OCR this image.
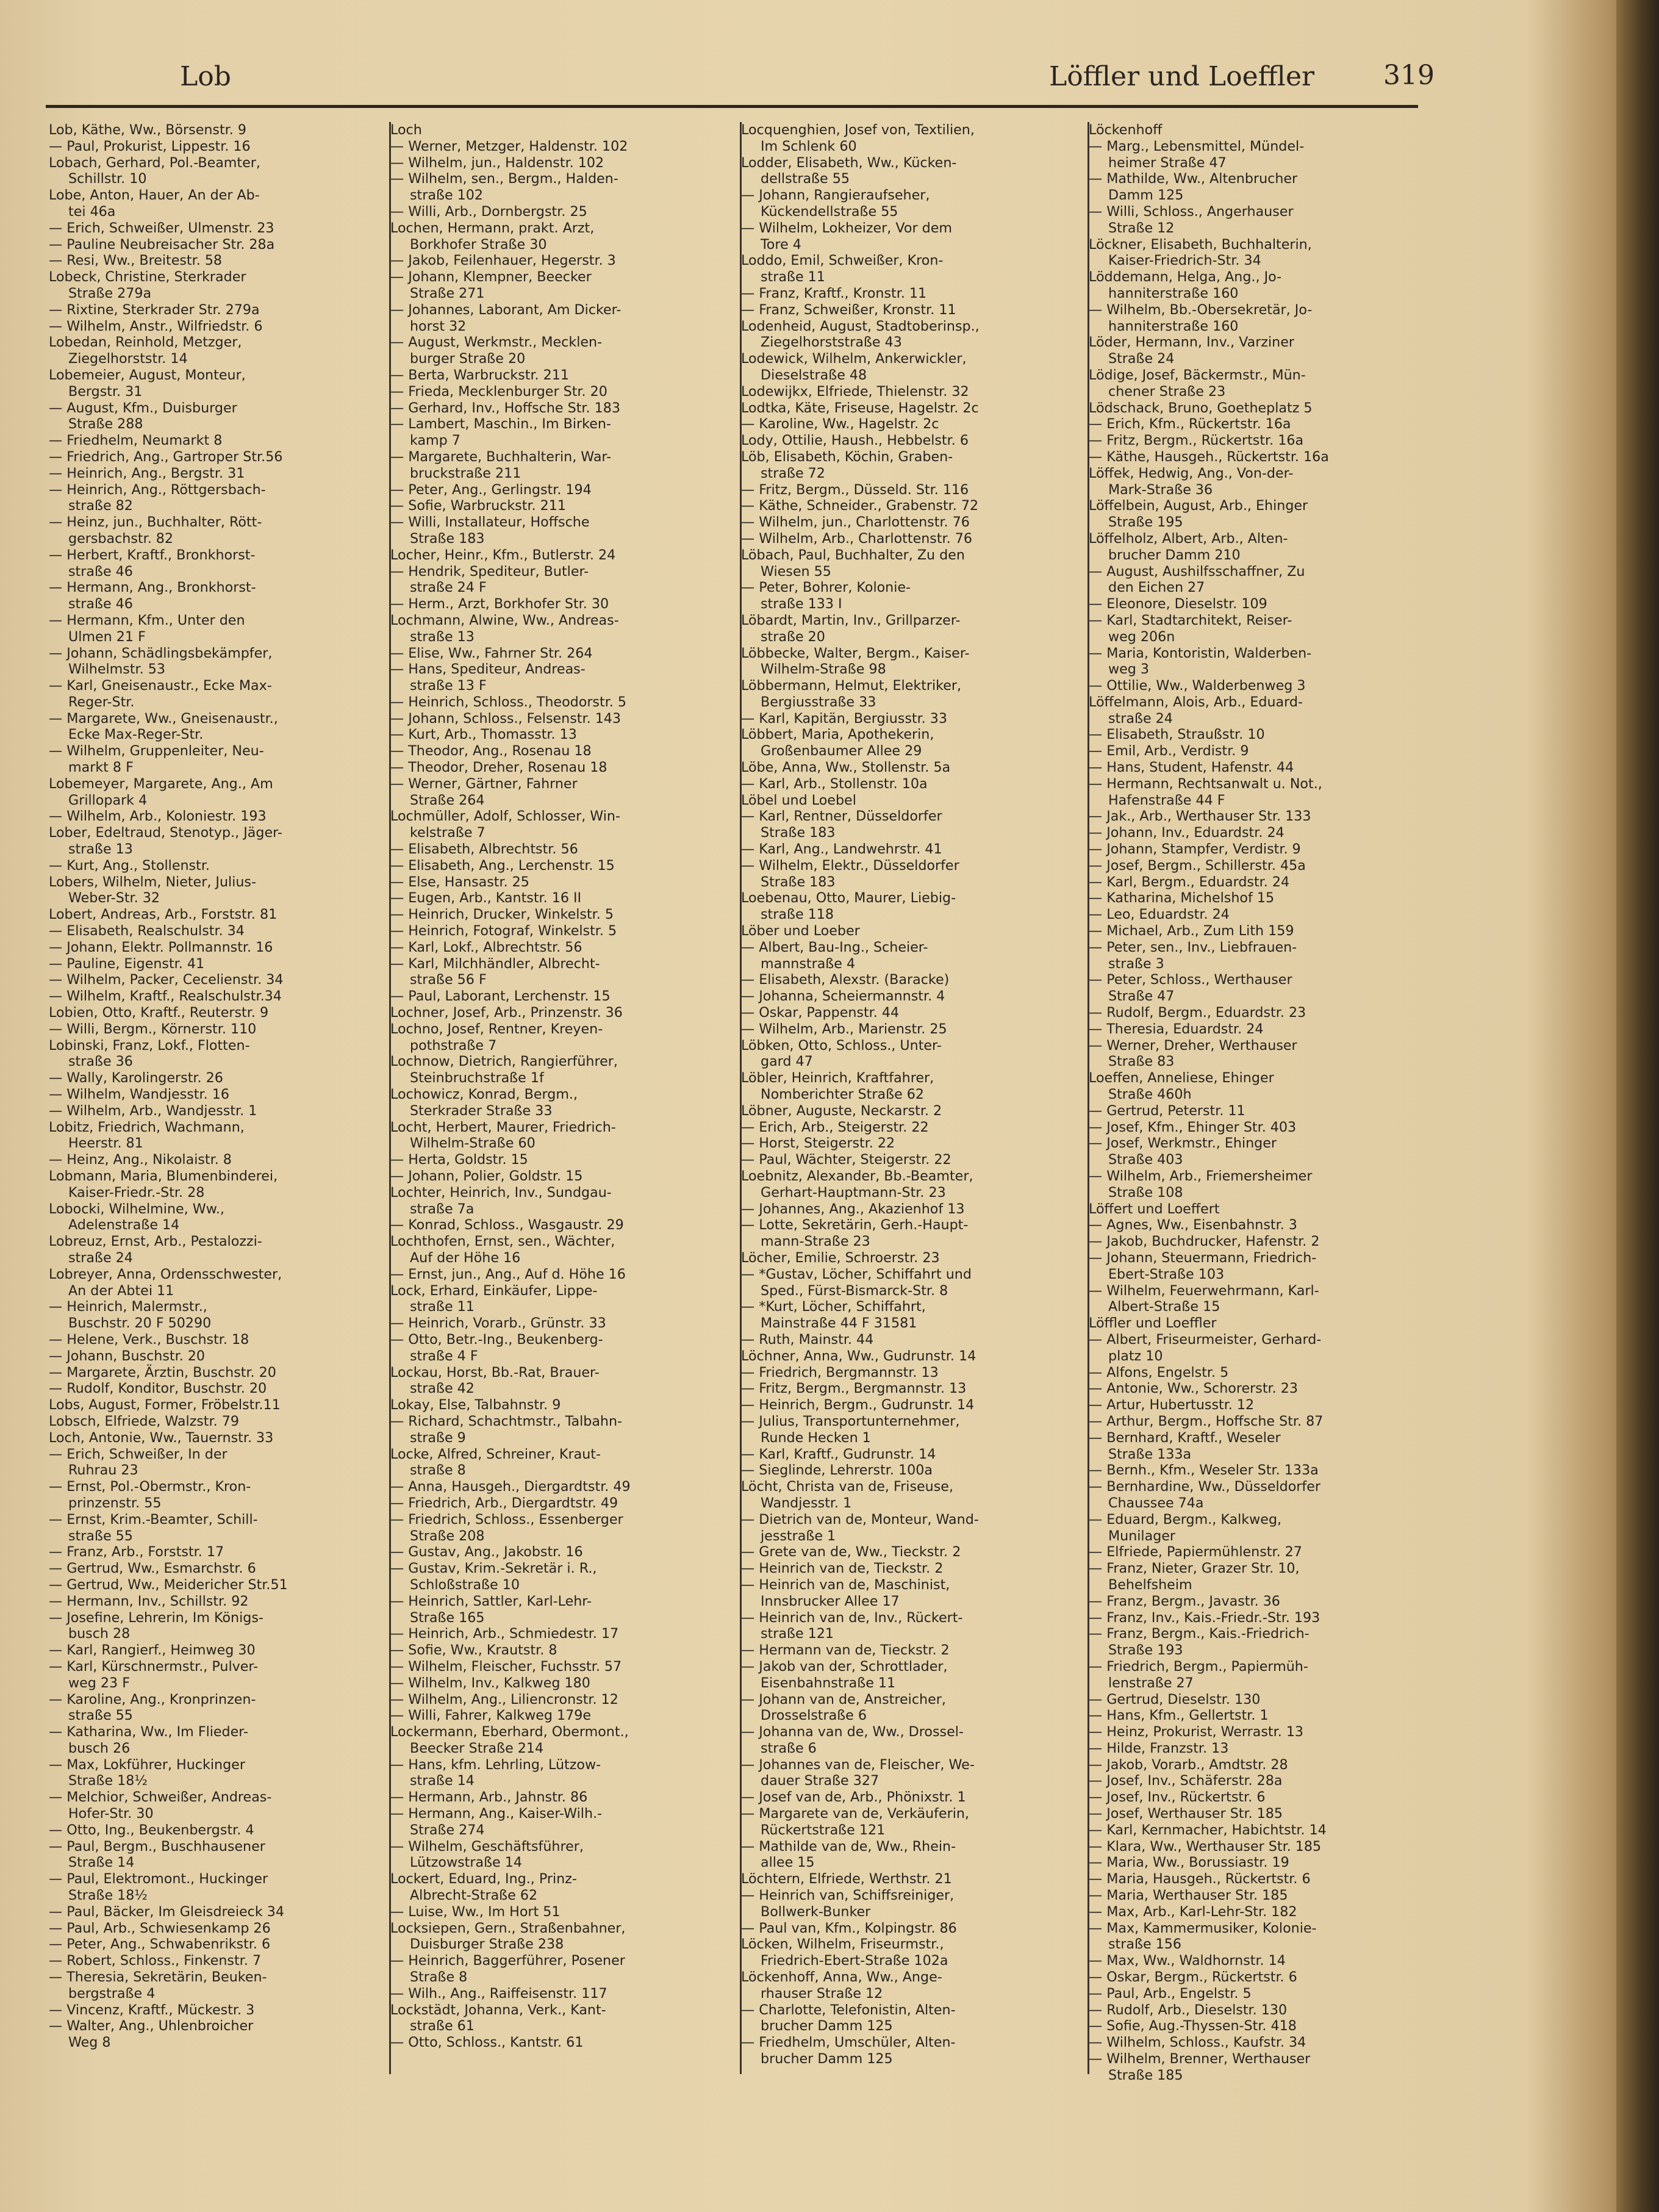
Lob	Löffler und Loeffler	319
Lob, Käthe, Ww., Börsenstr. 9
— Paul, Prokurist, Lippestr. 16
Lobach, Gerhard, Pol.-Beamter,
Schillstr. 10
Lobe, Anton, Hauer, An der Ab-
tei 46a
— Erich, Schweißer, Ulmenstr. 23
— Pauline Neubreisacher Str. 28a
— Resi, Ww., Breitestr. 58
Lobeck, Christine, Sterkrader
Straße 279a
— Rixtine, Sterkrader Str. 279a
— Wilhelm, Anstr., Wilfriedstr. 6
Lobedan, Reinhold, Metzger,
Ziegelhorststr. 14
Lobemeier, August, Monteur,
Bergstr. 31
— August, Kfm., Duisburger
Straße 288
— Friedhelm, Neumarkt 8
— Friedrich, Ang., Gartroper Str.56
— Heinrich, Ang., Bergstr. 31
— Heinrich, Ang., Röttgersbach-
straße 82
— Heinz, jun., Buchhalter, Rött-
gersbachstr. 82
— Herbert, Kraftf., Bronkhorst-
straße 46
— Hermann, Ang., Bronkhorst-
straße 46
— Hermann, Kfm., Unter den
Ulmen 21 F
— Johann, Schädlingsbekämpfer,
Wilhelmstr. 53
— Karl, Gneisenaustr., Ecke Max-
Reger-Str.
— Margarete, Ww., Gneisenaustr.,
Ecke Max-Reger-Str.
— Wilhelm, Gruppenleiter, Neu-
markt 8 F
Lobemeyer, Margarete, Ang., Am
Grillopark 4
— Wilhelm, Arb., Koloniestr. 193
Lober, Edeltraud, Stenotyp., Jäger-
straße 13
— Kurt, Ang., Stollenstr.
Lobers, Wilhelm, Nieter, Julius-
Weber-Str. 32
Lobert, Andreas, Arb., Forststr. 81
— Elisabeth, Realschulstr. 34
— Johann, Elektr. Pollmannstr. 16
— Pauline, Eigenstr. 41
— Wilhelm, Packer, Cecelienstr. 34
— Wilhelm, Kraftf., Realschulstr.34
Lobien, Otto, Kraftf., Reuterstr. 9
— Willi, Bergm., Körnerstr. 110
Lobinski, Franz, Lokf., Flotten-
straße 36
— Wally, Karolingerstr. 26
— Wilhelm, Wandjesstr. 16
— Wilhelm, Arb., Wandjesstr. 1
Lobitz, Friedrich, Wachmann,
Heerstr. 81
— Heinz, Ang., Nikolaistr. 8
Lobmann, Maria, Blumenbinderei,
Kaiser-Friedr.-Str. 28
Lobocki, Wilhelmine, Ww.,
Adelenstraße 14
Lobreuz, Ernst, Arb., Pestalozzi-
straße 24
Lobreyer, Anna, Ordensschwester,
An der Abtei 11
— Heinrich, Malermstr.,
Buschstr. 20 F 50290
— Helene, Verk., Buschstr. 18
— Johann, Buschstr. 20
— Margarete, Ärztin, Buschstr. 20
— Rudolf, Konditor, Buschstr. 20
Lobs, August, Former, Fröbelstr.11
Lobsch, Elfriede, Walzstr. 79
Loch, Antonie, Ww., Tauernstr. 33
— Erich, Schweißer, In der
Ruhrau 23
— Ernst, Pol.-Obermstr., Kron-
prinzenstr. 55
— Ernst, Krim.-Beamter, Schill-
straße 55
— Franz, Arb., Forststr. 17
— Gertrud, Ww., Esmarchstr. 6
— Gertrud, Ww., Meidericher Str.51
— Hermann, Inv., Schillstr. 92
— Josefine, Lehrerin, Im Königs-
busch 28
— Karl, Rangierf., Heimweg 30
— Karl, Kürschnermstr., Pulver-
weg 23 F
— Karoline, Ang., Kronprinzen-
straße 55
— Katharina, Ww., Im Flieder-
busch 26
— Max, Lokführer, Huckinger
Straße 18½
— Melchior, Schweißer, Andreas-
Hofer-Str. 30
— Otto, Ing., Beukenbergstr. 4
— Paul, Bergm., Buschhausener
Straße 14
— Paul, Elektromont., Huckinger
Straße 18½
— Paul, Bäcker, Im Gleisdreieck 34
— Paul, Arb., Schwiesenkamp 26
— Peter, Ang., Schwabenrikstr. 6
— Robert, Schloss., Finkenstr. 7
— Theresia, Sekretärin, Beuken-
bergstraße 4
— Vincenz, Kraftf., Mückestr. 3
— Walter, Ang., Uhlenbroicher
Weg 8
Loch
— Werner, Metzger, Haldenstr. 102
— Wilhelm, jun., Haldenstr. 102
— Wilhelm, sen., Bergm., Halden-
straße 102
— Willi, Arb., Dornbergstr. 25
Lochen, Hermann, prakt. Arzt,
Borkhofer Straße 30
— Jakob, Feilenhauer, Hegerstr. 3
— Johann, Klempner, Beecker
Straße 271
— Johannes, Laborant, Am Dicker-
horst 32
— August, Werkmstr., Mecklen-
burger Straße 20
— Berta, Warbruckstr. 211
— Frieda, Mecklenburger Str. 20
— Gerhard, Inv., Hoffsche Str. 183
— Lambert, Maschin., Im Birken-
kamp 7
— Margarete, Buchhalterin, War-
bruckstraße 211
— Peter, Ang., Gerlingstr. 194
— Sofie, Warbruckstr. 211
— Willi, Installateur, Hoffsche
Straße 183
Locher, Heinr., Kfm., Butlerstr. 24
— Hendrik, Spediteur, Butler-
straße 24 F
— Herm., Arzt, Borkhofer Str. 30
Lochmann, Alwine, Ww., Andreas-
straße 13
— Elise, Ww., Fahrner Str. 264
— Hans, Spediteur, Andreas-
straße 13 F
— Heinrich, Schloss., Theodorstr. 5
— Johann, Schloss., Felsenstr. 143
— Kurt, Arb., Thomasstr. 13
— Theodor, Ang., Rosenau 18
— Theodor, Dreher, Rosenau 18
— Werner, Gärtner, Fahrner
Straße 264
Lochmüller, Adolf, Schlosser, Win-
kelstraße 7
— Elisabeth, Albrechtstr. 56
— Elisabeth, Ang., Lerchenstr. 15
— Else, Hansastr. 25
— Eugen, Arb., Kantstr. 16 II
— Heinrich, Drucker, Winkelstr. 5
— Heinrich, Fotograf, Winkelstr. 5
— Karl, Lokf., Albrechtstr. 56
— Karl, Milchhändler, Albrecht-
straße 56 F
— Paul, Laborant, Lerchenstr. 15
Lochner, Josef, Arb., Prinzenstr. 36
Lochno, Josef, Rentner, Kreyen-
pothstraße 7
Lochnow, Dietrich, Rangierführer,
Steinbruchstraße 1f
Lochowicz, Konrad, Bergm.,
Sterkrader Straße 33
Locht, Herbert, Maurer, Friedrich-
Wilhelm-Straße 60
— Herta, Goldstr. 15
— Johann, Polier, Goldstr. 15
Lochter, Heinrich, Inv., Sundgau-
straße 7a
— Konrad, Schloss., Wasgaustr. 29
Lochthofen, Ernst, sen., Wächter,
Auf der Höhe 16
— Ernst, jun., Ang., Auf d. Höhe 16
Lock, Erhard, Einkäufer, Lippe-
straße 11
— Heinrich, Vorarb., Grünstr. 33
— Otto, Betr.-Ing., Beukenberg-
straße 4 F
Lockau, Horst, Bb.-Rat, Brauer-
straße 42
Lokay, Else, Talbahnstr. 9
— Richard, Schachtmstr., Talbahn-
straße 9
Locke, Alfred, Schreiner, Kraut-
straße 8
— Anna, Hausgeh., Diergardtstr. 49
— Friedrich, Arb., Diergardtstr. 49
— Friedrich, Schloss., Essenberger
Straße 208
— Gustav, Ang., Jakobstr. 16
— Gustav, Krim.-Sekretär i. R.,
Schloßstraße 10
— Heinrich, Sattler, Karl-Lehr-
Straße 165
— Heinrich, Arb., Schmiedestr. 17
— Sofie, Ww., Krautstr. 8
— Wilhelm, Fleischer, Fuchsstr. 57
— Wilhelm, Inv., Kalkweg 180
— Wilhelm, Ang., Liliencronstr. 12
— Willi, Fahrer, Kalkweg 179e
Lockermann, Eberhard, Obermont.,
Beecker Straße 214
— Hans, kfm. Lehrling, Lützow-
straße 14
— Hermann, Arb., Jahnstr. 86
— Hermann, Ang., Kaiser-Wilh.-
Straße 274
— Wilhelm, Geschäftsführer,
Lützowstraße 14
Lockert, Eduard, Ing., Prinz-
Albrecht-Straße 62
— Luise, Ww., Im Hort 51
Locksiepen, Gern., Straßenbahner,
Duisburger Straße 238
— Heinrich, Baggerführer, Posener
Straße 8
— Wilh., Ang., Raiffeisenstr. 117
Lockstädt, Johanna, Verk., Kant-
straße 61
— Otto, Schloss., Kantstr. 61
Locquenghien, Josef von, Textilien,
Im Schlenk 60
Lodder, Elisabeth, Ww., Kücken-
dellstraße 55
— Johann, Rangieraufseher,
Kückendellstraße 55
— Wilhelm, Lokheizer, Vor dem
Tore 4
Loddo, Emil, Schweißer, Kron-
straße 11
— Franz, Kraftf., Kronstr. 11
— Franz, Schweißer, Kronstr. 11
Lodenheid, August, Stadtoberinsp.,
Ziegelhorststraße 43
Lodewick, Wilhelm, Ankerwickler,
Dieselstraße 48
Lodewijkx, Elfriede, Thielenstr. 32
Lodtka, Käte, Friseuse, Hagelstr. 2c
— Karoline, Ww., Hagelstr. 2c
Lody, Ottilie, Haush., Hebbelstr. 6
Löb, Elisabeth, Köchin, Graben-
straße 72
— Fritz, Bergm., Düsseld. Str. 116
— Käthe, Schneider., Grabenstr. 72
— Wilhelm, jun., Charlottenstr. 76
— Wilhelm, Arb., Charlottenstr. 76
Löbach, Paul, Buchhalter, Zu den
Wiesen 55
— Peter, Bohrer, Kolonie-
straße 133 I
Löbardt, Martin, Inv., Grillparzer-
straße 20
Löbbecke, Walter, Bergm., Kaiser-
Wilhelm-Straße 98
Löbbermann, Helmut, Elektriker,
Bergiusstraße 33
— Karl, Kapitän, Bergiusstr. 33
Löbbert, Maria, Apothekerin,
Großenbaumer Allee 29
Löbe, Anna, Ww., Stollenstr. 5a
— Karl, Arb., Stollenstr. 10a
Löbel und Loebel
— Karl, Rentner, Düsseldorfer
Straße 183
— Karl, Ang., Landwehrstr. 41
— Wilhelm, Elektr., Düsseldorfer
Straße 183
Loebenau, Otto, Maurer, Liebig-
straße 118
Löber und Loeber
— Albert, Bau-Ing., Scheier-
mannstraße 4
— Elisabeth, Alexstr. (Baracke)
— Johanna, Scheiermannstr. 4
— Oskar, Pappenstr. 44
— Wilhelm, Arb., Marienstr. 25
Löbken, Otto, Schloss., Unter-
gard 47
Löbler, Heinrich, Kraftfahrer,
Nomberichter Straße 62
Löbner, Auguste, Neckarstr. 2
— Erich, Arb., Steigerstr. 22
— Horst, Steigerstr. 22
— Paul, Wächter, Steigerstr. 22
Loebnitz, Alexander, Bb.-Beamter,
Gerhart-Hauptmann-Str. 23
— Johannes, Ang., Akazienhof 13
— Lotte, Sekretärin, Gerh.-Haupt-
mann-Straße 23
Löcher, Emilie, Schroerstr. 23
— *Gustav, Löcher, Schiffahrt und
Sped., Fürst-Bismarck-Str. 8
— *Kurt, Löcher, Schiffahrt,
Mainstraße 44 F 31581
— Ruth, Mainstr. 44
Löchner, Anna, Ww., Gudrunstr. 14
— Friedrich, Bergmannstr. 13
— Fritz, Bergm., Bergmannstr. 13
— Heinrich, Bergm., Gudrunstr. 14
— Julius, Transportunternehmer,
Runde Hecken 1
— Karl, Kraftf., Gudrunstr. 14
— Sieglinde, Lehrerstr. 100a
Löcht, Christa van de, Friseuse,
Wandjesstr. 1
— Dietrich van de, Monteur, Wand-
jesstraße 1
— Grete van de, Ww., Tieckstr. 2
— Heinrich van de, Tieckstr. 2
— Heinrich van de, Maschinist,
Innsbrucker Allee 17
— Heinrich van de, Inv., Rückert-
straße 121
— Hermann van de, Tieckstr. 2
— Jakob van der, Schrottlader,
Eisenbahnstraße 11
— Johann van de, Anstreicher,
Drosselstraße 6
— Johanna van de, Ww., Drossel-
straße 6
— Johannes van de, Fleischer, We-
dauer Straße 327
— Josef van de, Arb., Phönixstr. 1
— Margarete van de, Verkäuferin,
Rückertstraße 121
— Mathilde van de, Ww., Rhein-
allee 15
Löchtern, Elfriede, Werthstr. 21
— Heinrich van, Schiffsreiniger,
Bollwerk-Bunker
— Paul van, Kfm., Kolpingstr. 86
Löcken, Wilhelm, Friseurmstr.,
Friedrich-Ebert-Straße 102a
Löckenhoff, Anna, Ww., Ange-
rhauser Straße 12
— Charlotte, Telefonistin, Alten-
brucher Damm 125
— Friedhelm, Umschüler, Alten-
brucher Damm 125
Löckenhoff
— Marg., Lebensmittel, Mündel-
heimer Straße 47
— Mathilde, Ww., Altenbrucher
Damm 125
— Willi, Schloss., Angerhauser
Straße 12
Löckner, Elisabeth, Buchhalterin,
Kaiser-Friedrich-Str. 34
Löddemann, Helga, Ang., Jo-
hanniterstraße 160
— Wilhelm, Bb.-Obersekretär, Jo-
hanniterstraße 160
Löder, Hermann, Inv., Varziner
Straße 24
Lödige, Josef, Bäckermstr., Mün-
chener Straße 23
Lödschack, Bruno, Goetheplatz 5
— Erich, Kfm., Rückertstr. 16a
— Fritz, Bergm., Rückertstr. 16a
— Käthe, Hausgeh., Rückertstr. 16a
Löffek, Hedwig, Ang., Von-der-
Mark-Straße 36
Löffelbein, August, Arb., Ehinger
Straße 195
Löffelholz, Albert, Arb., Alten-
brucher Damm 210
— August, Aushilfsschaffner, Zu
den Eichen 27
— Eleonore, Dieselstr. 109
— Karl, Stadtarchitekt, Reiser-
weg 206n
— Maria, Kontoristin, Walderben-
weg 3
— Ottilie, Ww., Walderbenweg 3
Löffelmann, Alois, Arb., Eduard-
straße 24
— Elisabeth, Straußstr. 10
— Emil, Arb., Verdistr. 9
— Hans, Student, Hafenstr. 44
— Hermann, Rechtsanwalt u. Not.,
Hafenstraße 44 F
— Jak., Arb., Werthauser Str. 133
— Johann, Inv., Eduardstr. 24
— Johann, Stampfer, Verdistr. 9
— Josef, Bergm., Schillerstr. 45a
— Karl, Bergm., Eduardstr. 24
— Katharina, Michelshof 15
— Leo, Eduardstr. 24
— Michael, Arb., Zum Lith 159
— Peter, sen., Inv., Liebfrauen-
straße 3
— Peter, Schloss., Werthauser
Straße 47
— Rudolf, Bergm., Eduardstr. 23
— Theresia, Eduardstr. 24
— Werner, Dreher, Werthauser
Straße 83
Loeffen, Anneliese, Ehinger
Straße 460h
— Gertrud, Peterstr. 11
— Josef, Kfm., Ehinger Str. 403
— Josef, Werkmstr., Ehinger
Straße 403
— Wilhelm, Arb., Friemersheimer
Straße 108
Löffert und Loeffert
— Agnes, Ww., Eisenbahnstr. 3
— Jakob, Buchdrucker, Hafenstr. 2
— Johann, Steuermann, Friedrich-
Ebert-Straße 103
— Wilhelm, Feuerwehrmann, Karl-
Albert-Straße 15
Löffler und Loeffler
— Albert, Friseurmeister, Gerhard-
platz 10
— Alfons, Engelstr. 5
— Antonie, Ww., Schorerstr. 23
— Artur, Hubertusstr. 12
— Arthur, Bergm., Hoffsche Str. 87
— Bernhard, Kraftf., Weseler
Straße 133a
— Bernh., Kfm., Weseler Str. 133a
— Bernhardine, Ww., Düsseldorfer
Chaussee 74a
— Eduard, Bergm., Kalkweg,
Munilager
— Elfriede, Papiermühlenstr. 27
— Franz, Nieter, Grazer Str. 10,
Behelfsheim
— Franz, Bergm., Javastr. 36
— Franz, Inv., Kais.-Friedr.-Str. 193
— Franz, Bergm., Kais.-Friedrich-
Straße 193
— Friedrich, Bergm., Papiermüh-
lenstraße 27
— Gertrud, Dieselstr. 130
— Hans, Kfm., Gellertstr. 1
— Heinz, Prokurist, Werrastr. 13
— Hilde, Franzstr. 13
— Jakob, Vorarb., Amdtstr. 28
— Josef, Inv., Schäferstr. 28a
— Josef, Inv., Rückertstr. 6
— Josef, Werthauser Str. 185
— Karl, Kernmacher, Habichtstr. 14
— Klara, Ww., Werthauser Str. 185
— Maria, Ww., Borussiastr. 19
— Maria, Hausgeh., Rückertstr. 6
— Maria, Werthauser Str. 185
— Max, Arb., Karl-Lehr-Str. 182
— Max, Kammermusiker, Kolonie-
straße 156
— Max, Ww., Waldhornstr. 14
— Oskar, Bergm., Rückertstr. 6
— Paul, Arb., Engelstr. 5
— Rudolf, Arb., Dieselstr. 130
— Sofie, Aug.-Thyssen-Str. 418
— Wilhelm, Schloss., Kaufstr. 34
— Wilhelm, Brenner, Werthauser
Straße 185
